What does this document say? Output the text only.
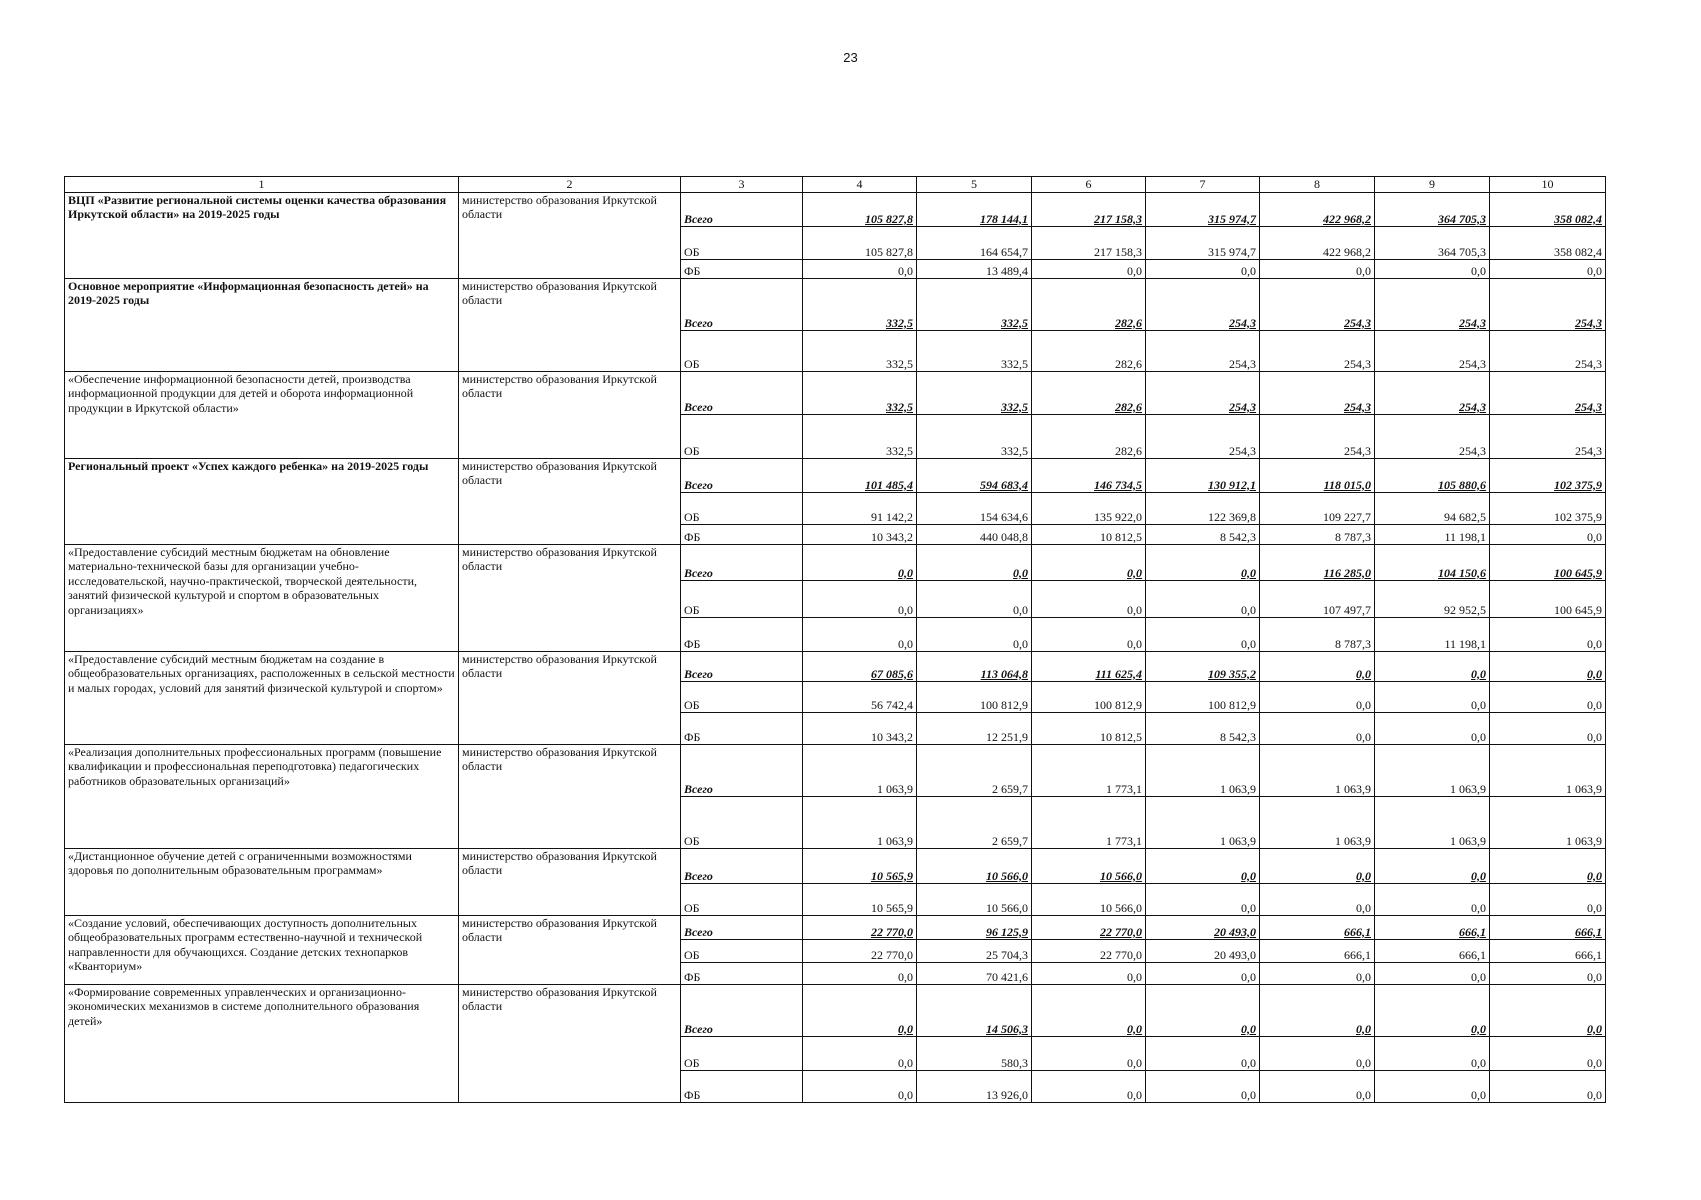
23
1	2	3	4	5	6	7	8	9	10
ВЦП «Развитие региональной системы оценки качества образования Иркутской области» на 2019-2025 годы	министерство образования Иркутской области	Всего	105 827,8	178 144,1	217 158,3	315 974,7	422 968,2	364 705,3	358 082,4
		ОБ	105 827,8	164 654,7	217 158,3	315 974,7	422 968,2	364 705,3	358 082,4
		ФБ	0,0	13 489,4	0,0	0,0	0,0	0,0	0,0
Основное мероприятие «Информационная безопасность детей» на 2019-2025 годы	министерство образования Иркутской области	Всего	332,5	332,5	282,6	254,3	254,3	254,3	254,3
		ОБ	332,5	332,5	282,6	254,3	254,3	254,3	254,3
«Обеспечение информационной безопасности детей, производства информационной продукции для детей и оборота информационной продукции в Иркутской области»	министерство образования Иркутской области	Всего	332,5	332,5	282,6	254,3	254,3	254,3	254,3
		ОБ	332,5	332,5	282,6	254,3	254,3	254,3	254,3
Региональный проект «Успех каждого ребенка» на 2019-2025 годы	министерство образования Иркутской области	Всего	101 485,4	594 683,4	146 734,5	130 912,1	118 015,0	105 880,6	102 375,9
		ОБ	91 142,2	154 634,6	135 922,0	122 369,8	109 227,7	94 682,5	102 375,9
		ФБ	10 343,2	440 048,8	10 812,5	8 542,3	8 787,3	11 198,1	0,0
«Предоставление субсидий местным бюджетам на обновление материально-технической базы для организации учебно-исследовательской, научно-практической, творческой деятельности, занятий физической культурой и спортом в образовательных организациях»	министерство образования Иркутской области	Всего	0,0	0,0	0,0	0,0	116 285,0	104 150,6	100 645,9
		ОБ	0,0	0,0	0,0	0,0	107 497,7	92 952,5	100 645,9
		ФБ	0,0	0,0	0,0	0,0	8 787,3	11 198,1	0,0
«Предоставление субсидий местным бюджетам на создание в общеобразовательных организациях, расположенных в сельской местности и малых городах, условий для занятий физической культурой и спортом»	министерство образования Иркутской области	Всего	67 085,6	113 064,8	111 625,4	109 355,2	0,0	0,0	0,0
		ОБ	56 742,4	100 812,9	100 812,9	100 812,9	0,0	0,0	0,0
		ФБ	10 343,2	12 251,9	10 812,5	8 542,3	0,0	0,0	0,0
«Реализация дополнительных профессиональных программ (повышение квалификации и профессиональная переподготовка) педагогических работников образовательных организаций»	министерство образования Иркутской области	Всего	1 063,9	2 659,7	1 773,1	1 063,9	1 063,9	1 063,9	1 063,9
		ОБ	1 063,9	2 659,7	1 773,1	1 063,9	1 063,9	1 063,9	1 063,9
«Дистанционное обучение детей с ограниченными возможностями здоровья по дополнительным образовательным программам»	министерство образования Иркутской области	Всего	10 565,9	10 566,0	10 566,0	0,0	0,0	0,0	0,0
		ОБ	10 565,9	10 566,0	10 566,0	0,0	0,0	0,0	0,0
«Создание условий, обеспечивающих доступность дополнительных общеобразовательных программ естественно-научной и технической направленности для обучающихся. Создание детских технопарков «Кванториум»	министерство образования Иркутской области	Всего	22 770,0	96 125,9	22 770,0	20 493,0	666,1	666,1	666,1
		ОБ	22 770,0	25 704,3	22 770,0	20 493,0	666,1	666,1	666,1
		ФБ	0,0	70 421,6	0,0	0,0	0,0	0,0	0,0
«Формирование современных управленческих и организационно-экономических механизмов в системе дополнительного образования детей»	министерство образования Иркутской области	Всего	0,0	14 506,3	0,0	0,0	0,0	0,0	0,0
		ОБ	0,0	580,3	0,0	0,0	0,0	0,0	0,0
		ФБ	0,0	13 926,0	0,0	0,0	0,0	0,0	0,0
